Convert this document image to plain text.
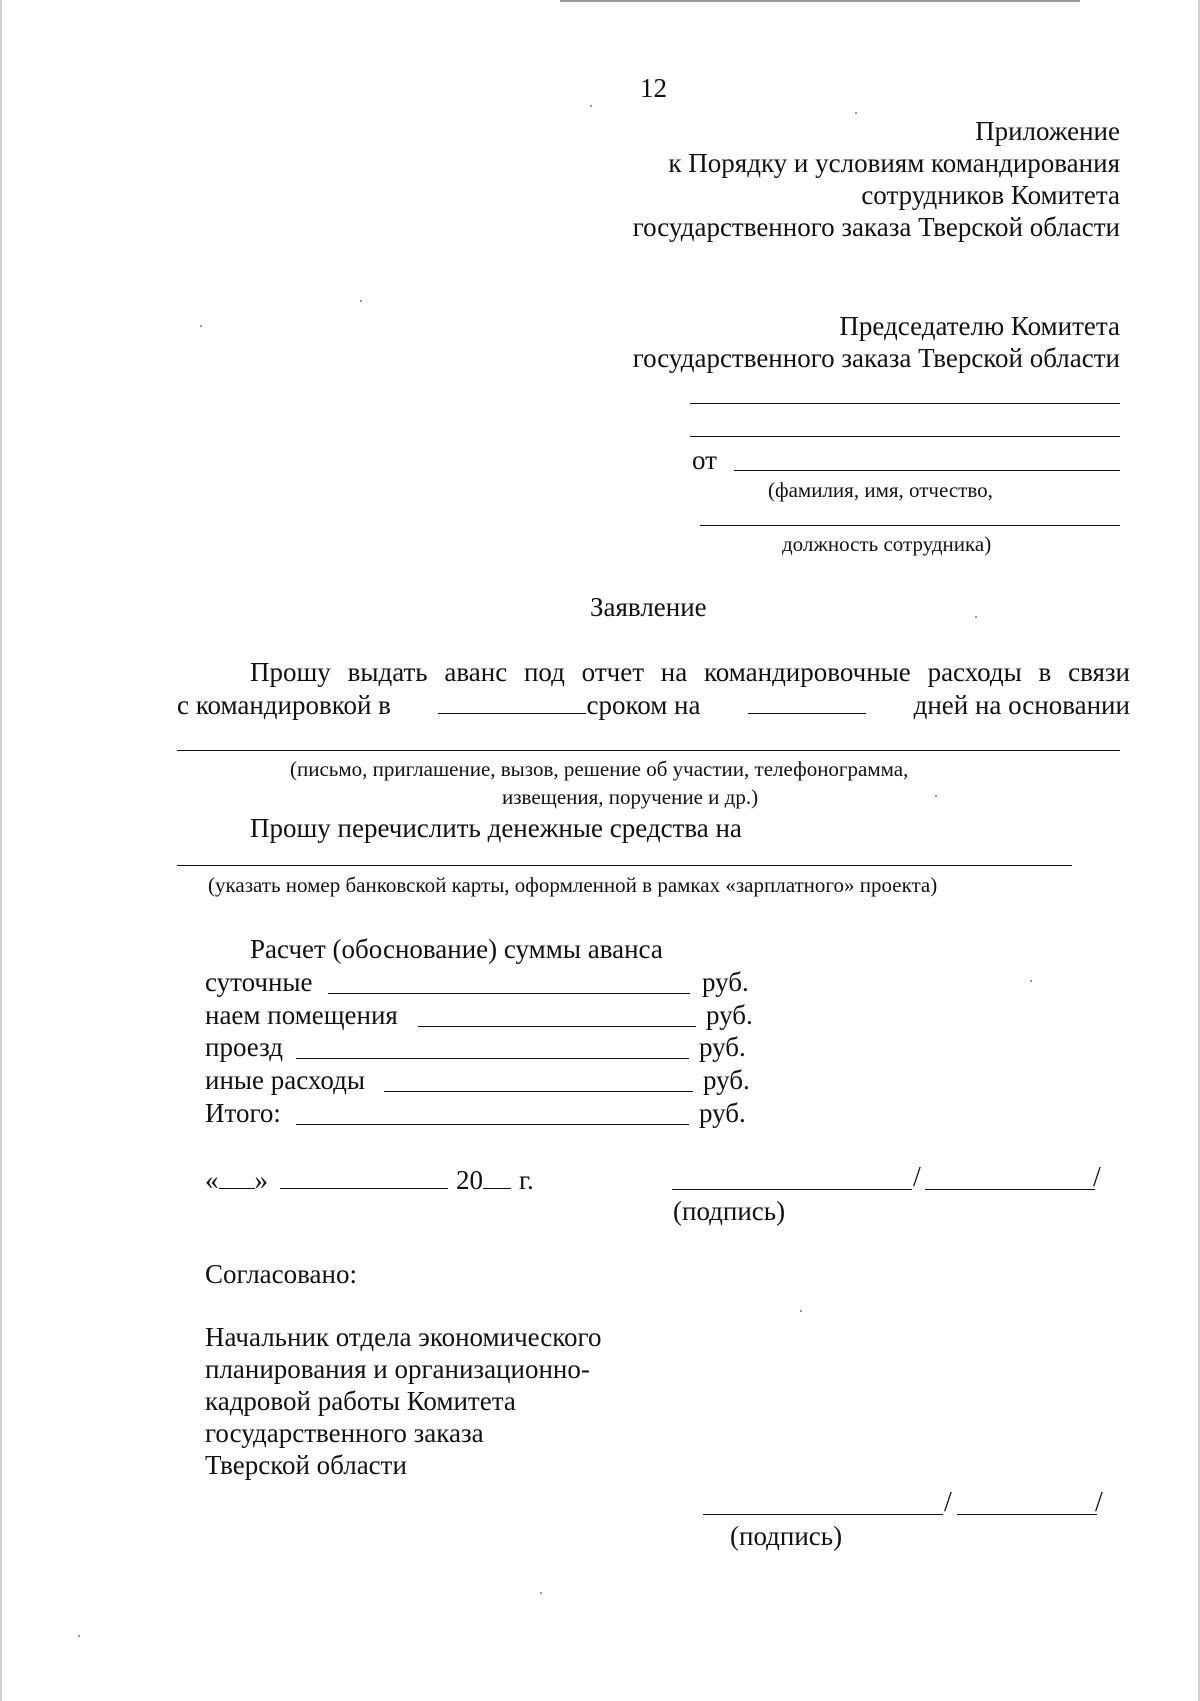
12
Приложение
к Порядку и условиям командирования
сотрудников Комитета
государственного заказа Тверской области
Председателю Комитета
государственного заказа Тверской области
от
(фамилия, имя, отчество,
должность сотрудника)
Заявление
Прошу выдать аванс под отчет на командировочные расходы в связи
с командировкой в	сроком на	дней на основании
(письмо, приглашение, вызов, решение об участии, телефонограмма,
извещения, поручение и др.)
Прошу перечислить денежные средства на
(указать номер банковской карты, оформленной в рамках «зарплатного» проекта)
Расчет (обоснование) суммы аванса
суточные	руб.
наем помещения	руб.
проезд	руб.
иные расходы	руб.
Итого:	руб.
« »	20 г.	/	/
(подпись)
Согласовано:
Начальник отдела экономического
планирования и организационно-
кадровой работы Комитета
государственного заказа
Тверской области
/	/
(подпись)
